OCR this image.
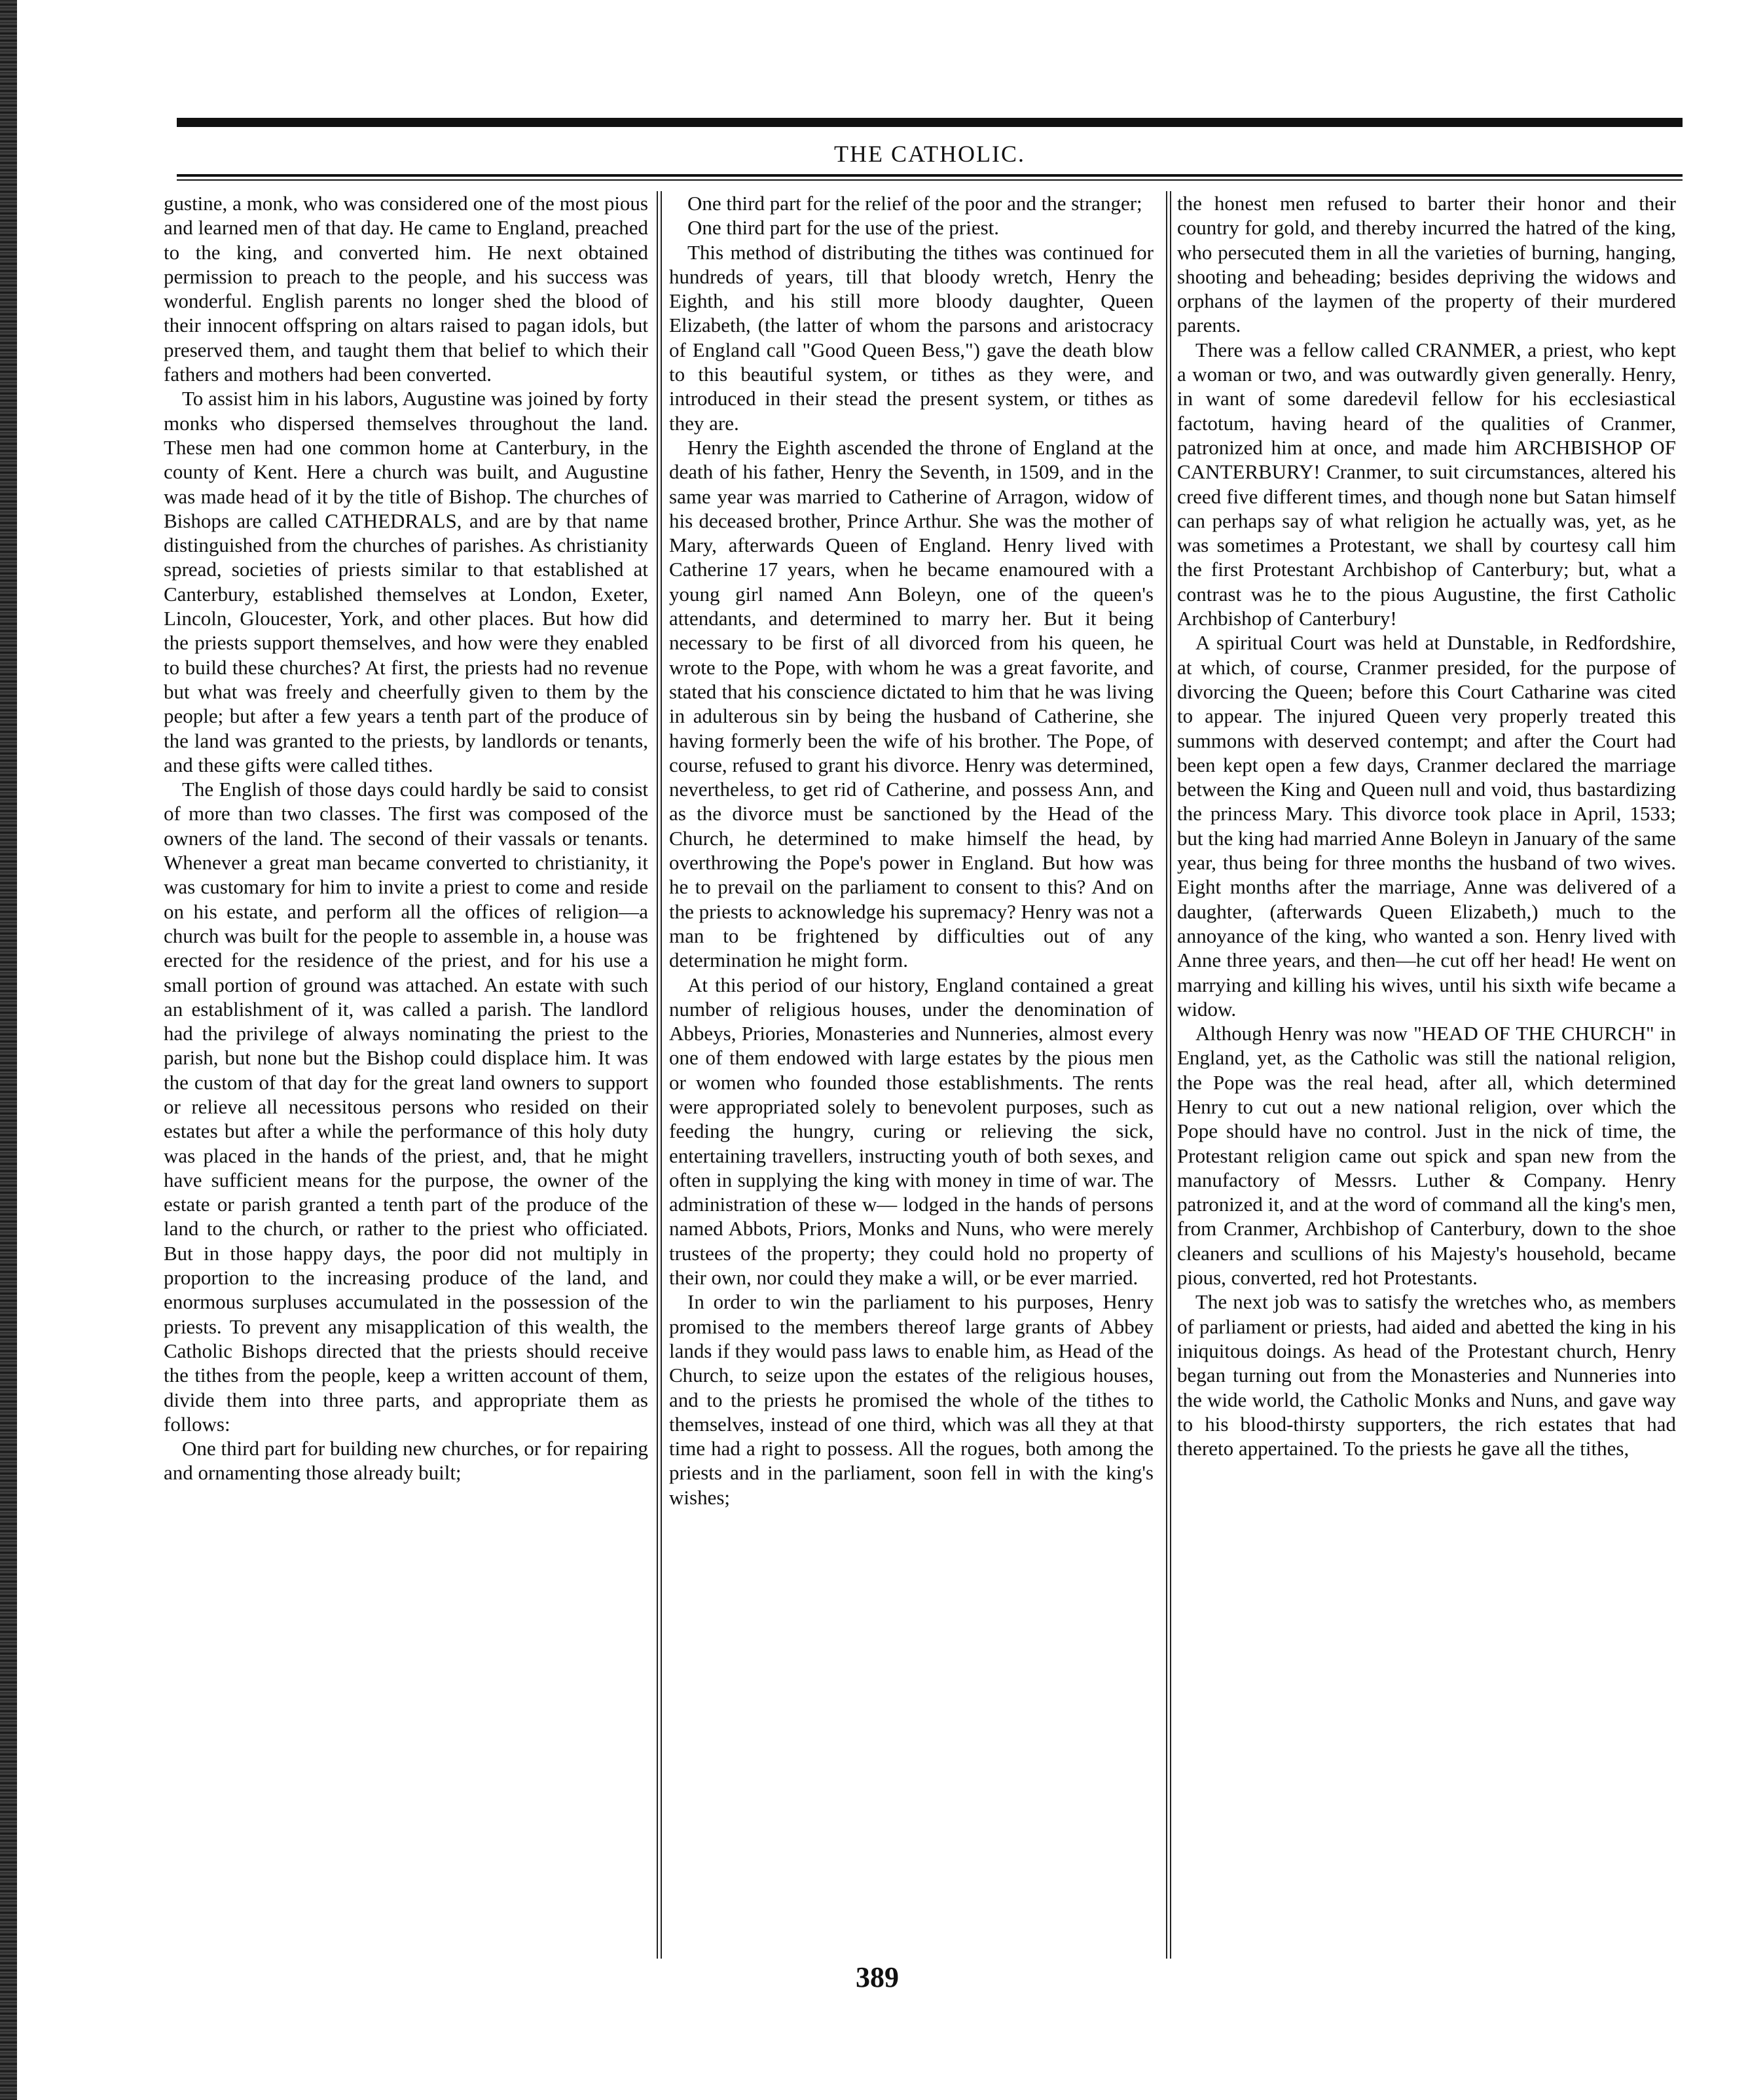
THE CATHOLIC.

gustine, a monk, who was considered one of the most pious and learned men of that day. He came to England, preached to the king, and converted him. He next obtained permission to preach to the people, and his success was wonderful. English parents no longer shed the blood of their innocent offspring on altars raised to pagan idols, but preserved them, and taught them that belief to which their fathers and mothers had been converted.

To assist him in his labors, Augustine was joined by forty monks who dispersed themselves throughout the land. These men had one common home at Canterbury, in the county of Kent. Here a church was built, and Augustine was made head of it by the title of Bishop. The churches of Bishops are called CATHEDRALS, and are by that name distinguished from the churches of parishes. As christianity spread, societies of priests similar to that established at Canterbury, established themselves at London, Exeter, Lincoln, Gloucester, York, and other places. But how did the priests support themselves, and how were they enabled to build these churches? At first, the priests had no revenue but what was freely and cheerfully given to them by the people; but after a few years a tenth part of the produce of the land was granted to the priests, by landlords or tenants, and these gifts were called tithes.

The English of those days could hardly be said to consist of more than two classes. The first was composed of the owners of the land. The second of their vassals or tenants. Whenever a great man became converted to christianity, it was customary for him to invite a priest to come and reside on his estate, and perform all the offices of religion—a church was built for the people to assemble in, a house was erected for the residence of the priest, and for his use a small portion of ground was attached. An estate with such an establishment of it, was called a parish. The landlord had the privilege of always nominating the priest to the parish, but none but the Bishop could displace him. It was the custom of that day for the great land owners to support or relieve all necessitous persons who resided on their estates but after a while the performance of this holy duty was placed in the hands of the priest, and, that he might have sufficient means for the purpose, the owner of the estate or parish granted a tenth part of the produce of the land to the church, or rather to the priest who officiated. But in those happy days, the poor did not multiply in proportion to the increasing produce of the land, and enormous surpluses accumulated in the possession of the priests. To prevent any misapplication of this wealth, the Catholic Bishops directed that the priests should receive the tithes from the people, keep a written account of them, divide them into three parts, and appropriate them as follows:

One third part for building new churches, or for repairing and ornamenting those already built;

One third part for the relief of the poor and the stranger;

One third part for the use of the priest.

This method of distributing the tithes was continued for hundreds of years, till that bloody wretch, Henry the Eighth, and his still more bloody daughter, Queen Elizabeth, (the latter of whom the parsons and aristocracy of England call "Good Queen Bess,") gave the death blow to this beautiful system, or tithes as they were, and introduced in their stead the present system, or tithes as they are.

Henry the Eighth ascended the throne of England at the death of his father, Henry the Seventh, in 1509, and in the same year was married to Catherine of Arragon, widow of his deceased brother, Prince Arthur. She was the mother of Mary, afterwards Queen of England. Henry lived with Catherine 17 years, when he became enamoured with a young girl named Ann Boleyn, one of the queen's attendants, and determined to marry her. But it being necessary to be first of all divorced from his queen, he wrote to the Pope, with whom he was a great favorite, and stated that his conscience dictated to him that he was living in adulterous sin by being the husband of Catherine, she having formerly been the wife of his brother. The Pope, of course, refused to grant his divorce. Henry was determined, nevertheless, to get rid of Catherine, and possess Ann, and as the divorce must be sanctioned by the Head of the Church, he determined to make himself the head, by overthrowing the Pope's power in England. But how was he to prevail on the parliament to consent to this? And on the priests to acknowledge his supremacy? Henry was not a man to be frightened by difficulties out of any determination he might form.

At this period of our history, England contained a great number of religious houses, under the denomination of Abbeys, Priories, Monasteries and Nunneries, almost every one of them endowed with large estates by the pious men or women who founded those establishments. The rents were appropriated solely to benevolent purposes, such as feeding the hungry, curing or relieving the sick, entertaining travellers, instructing youth of both sexes, and often in supplying the king with money in time of war. The administration of these w— lodged in the hands of persons named Abbots, Priors, Monks and Nuns, who were merely trustees of the property; they could hold no property of their own, nor could they make a will, or be ever married.

In order to win the parliament to his purposes, Henry promised to the members thereof large grants of Abbey lands if they would pass laws to enable him, as Head of the Church, to seize upon the estates of the religious houses, and to the priests he promised the whole of the tithes to themselves, instead of one third, which was all they at that time had a right to possess. All the rogues, both among the priests and in the parliament, soon fell in with the king's wishes;

the honest men refused to barter their honor and their country for gold, and thereby incurred the hatred of the king, who persecuted them in all the varieties of burning, hanging, shooting and beheading; besides depriving the widows and orphans of the laymen of the property of their murdered parents.

There was a fellow called CRANMER, a priest, who kept a woman or two, and was outwardly given generally. Henry, in want of some daredevil fellow for his ecclesiastical factotum, having heard of the qualities of Cranmer, patronized him at once, and made him ARCHBISHOP OF CANTERBURY! Cranmer, to suit circumstances, altered his creed five different times, and though none but Satan himself can perhaps say of what religion he actually was, yet, as he was sometimes a Protestant, we shall by courtesy call him the first Protestant Archbishop of Canterbury; but, what a contrast was he to the pious Augustine, the first Catholic Archbishop of Canterbury!

A spiritual Court was held at Dunstable, in Redfordshire, at which, of course, Cranmer presided, for the purpose of divorcing the Queen; before this Court Catharine was cited to appear. The injured Queen very properly treated this summons with deserved contempt; and after the Court had been kept open a few days, Cranmer declared the marriage between the King and Queen null and void, thus bastardizing the princess Mary. This divorce took place in April, 1533; but the king had married Anne Boleyn in January of the same year, thus being for three months the husband of two wives. Eight months after the marriage, Anne was delivered of a daughter, (afterwards Queen Elizabeth,) much to the annoyance of the king, who wanted a son. Henry lived with Anne three years, and then—he cut off her head! He went on marrying and killing his wives, until his sixth wife became a widow.

Although Henry was now "HEAD OF THE CHURCH" in England, yet, as the Catholic was still the national religion, the Pope was the real head, after all, which determined Henry to cut out a new national religion, over which the Pope should have no control. Just in the nick of time, the Protestant religion came out spick and span new from the manufactory of Messrs. Luther & Company. Henry patronized it, and at the word of command all the king's men, from Cranmer, Archbishop of Canterbury, down to the shoe cleaners and scullions of his Majesty's household, became pious, converted, red hot Protestants.

The next job was to satisfy the wretches who, as members of parliament or priests, had aided and abetted the king in his iniquitous doings. As head of the Protestant church, Henry began turning out from the Monasteries and Nunneries into the wide world, the Catholic Monks and Nuns, and gave way to his blood-thirsty supporters, the rich estates that had thereto appertained. To the priests he gave all the tithes,

389
